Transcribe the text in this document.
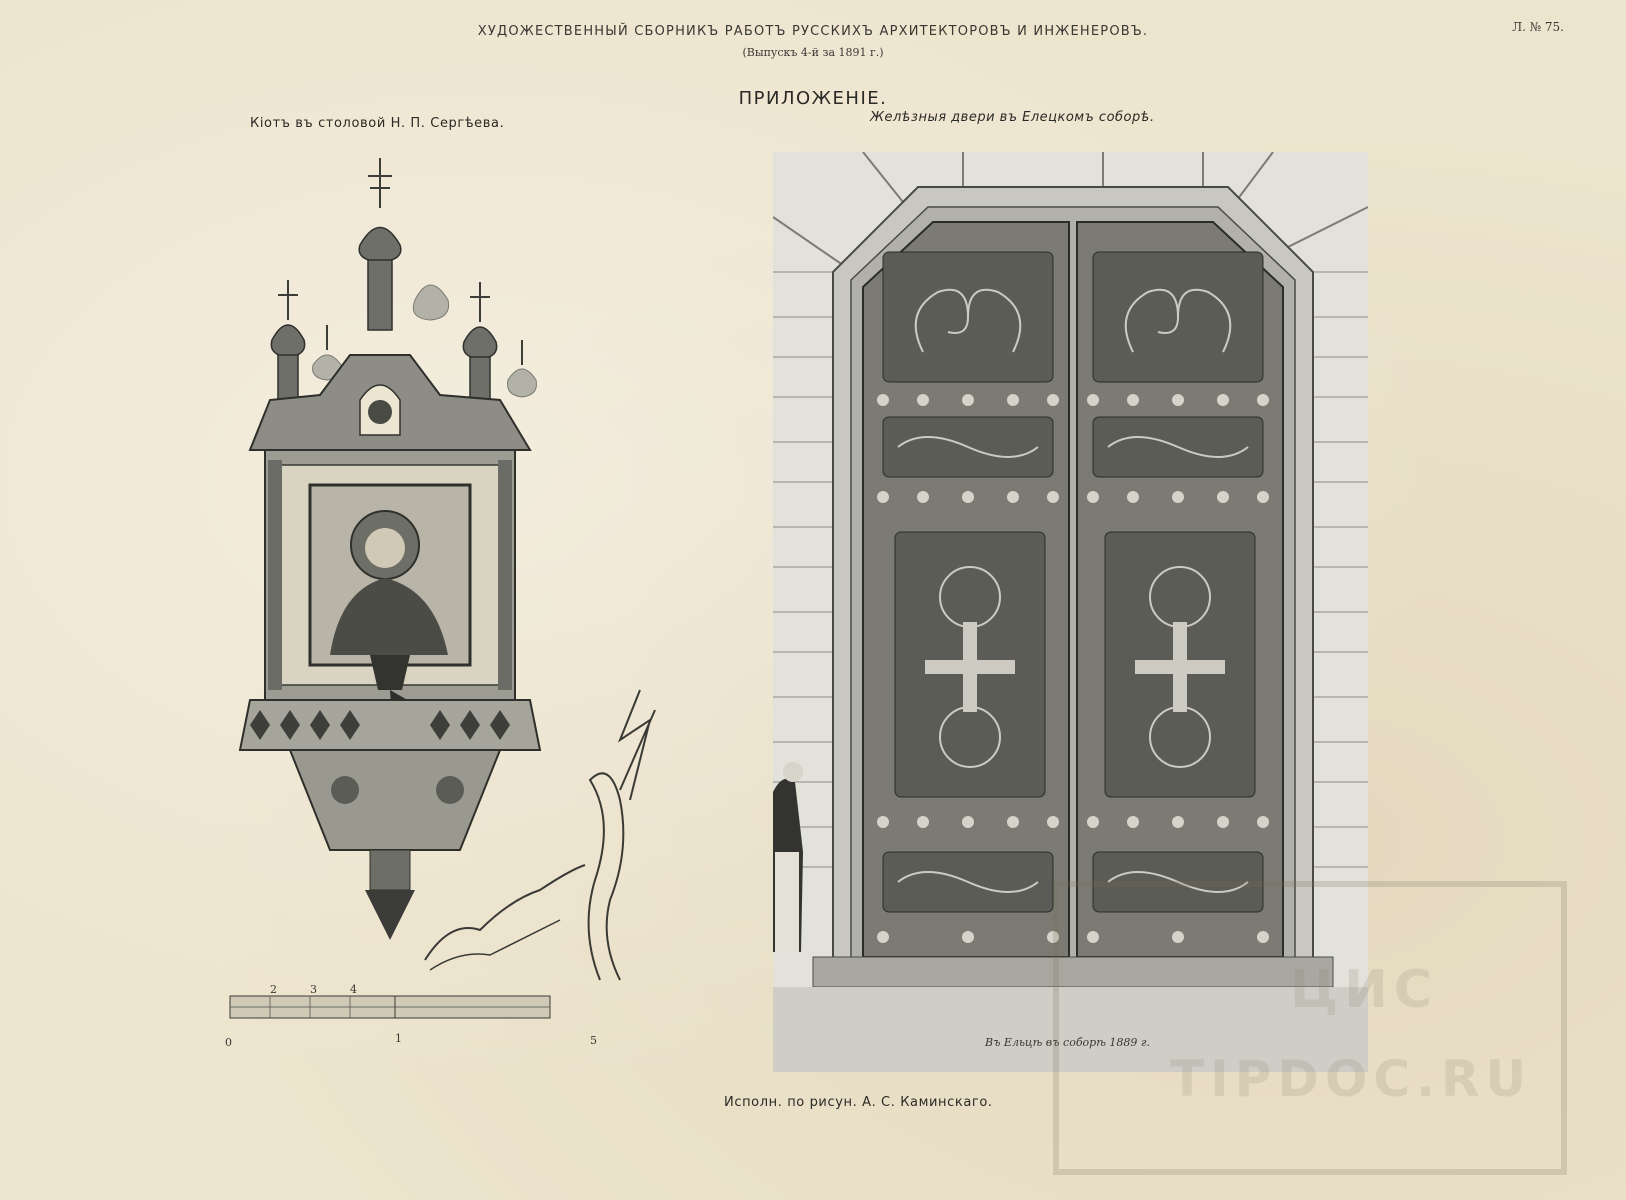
ХУДОЖЕСТВЕННЫЙ СБОРНИКЪ РАБОТЪ РУССКИХЪ АРХИТЕКТОРОВЪ И ИНЖЕНЕРОВЪ.
(Выпускъ 4-й за 1891 г.)
Л. № 75.
ПРИЛОЖЕНIЕ.
Кiотъ въ столовой Н. П. Сергѣева.	Желѣзныя двери въ Елецкомъ соборѣ.
0	1
2	3	4
5	Въ Ельцѣ въ соборѣ 1889 г.
Исполн. по рисун. А. С. Каминскаго.
ЦИС
TIPDOC.RU
